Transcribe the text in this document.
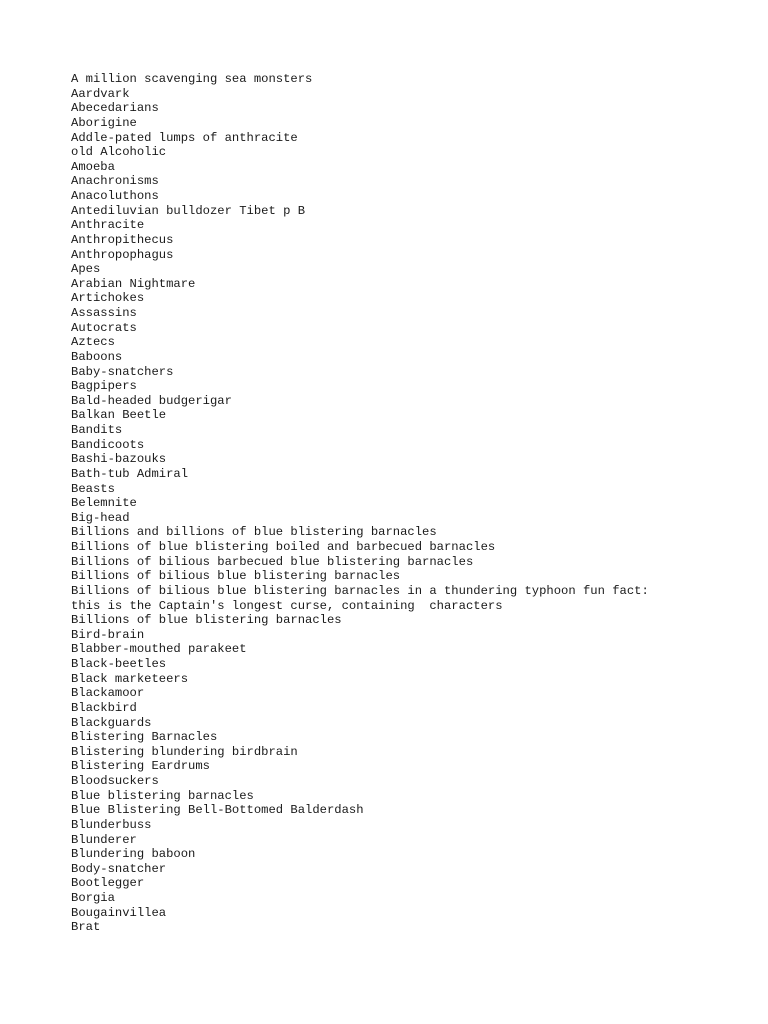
A million scavenging sea monsters
Aardvark
Abecedarians
Aborigine
Addle-pated lumps of anthracite
old Alcoholic
Amoeba
Anachronisms
Anacoluthons
Antediluvian bulldozer Tibet p B
Anthracite
Anthropithecus
Anthropophagus
Apes
Arabian Nightmare
Artichokes
Assassins
Autocrats
Aztecs
Baboons
Baby-snatchers
Bagpipers
Bald-headed budgerigar
Balkan Beetle
Bandits
Bandicoots
Bashi-bazouks
Bath-tub Admiral
Beasts
Belemnite
Big-head
Billions and billions of blue blistering barnacles
Billions of blue blistering boiled and barbecued barnacles
Billions of bilious barbecued blue blistering barnacles
Billions of bilious blue blistering barnacles
Billions of bilious blue blistering barnacles in a thundering typhoon fun fact:
this is the Captain's longest curse, containing  characters
Billions of blue blistering barnacles
Bird-brain
Blabber-mouthed parakeet
Black-beetles
Black marketeers
Blackamoor
Blackbird
Blackguards
Blistering Barnacles
Blistering blundering birdbrain
Blistering Eardrums
Bloodsuckers
Blue blistering barnacles
Blue Blistering Bell-Bottomed Balderdash
Blunderbuss
Blunderer
Blundering baboon
Body-snatcher
Bootlegger
Borgia
Bougainvillea
Brat
